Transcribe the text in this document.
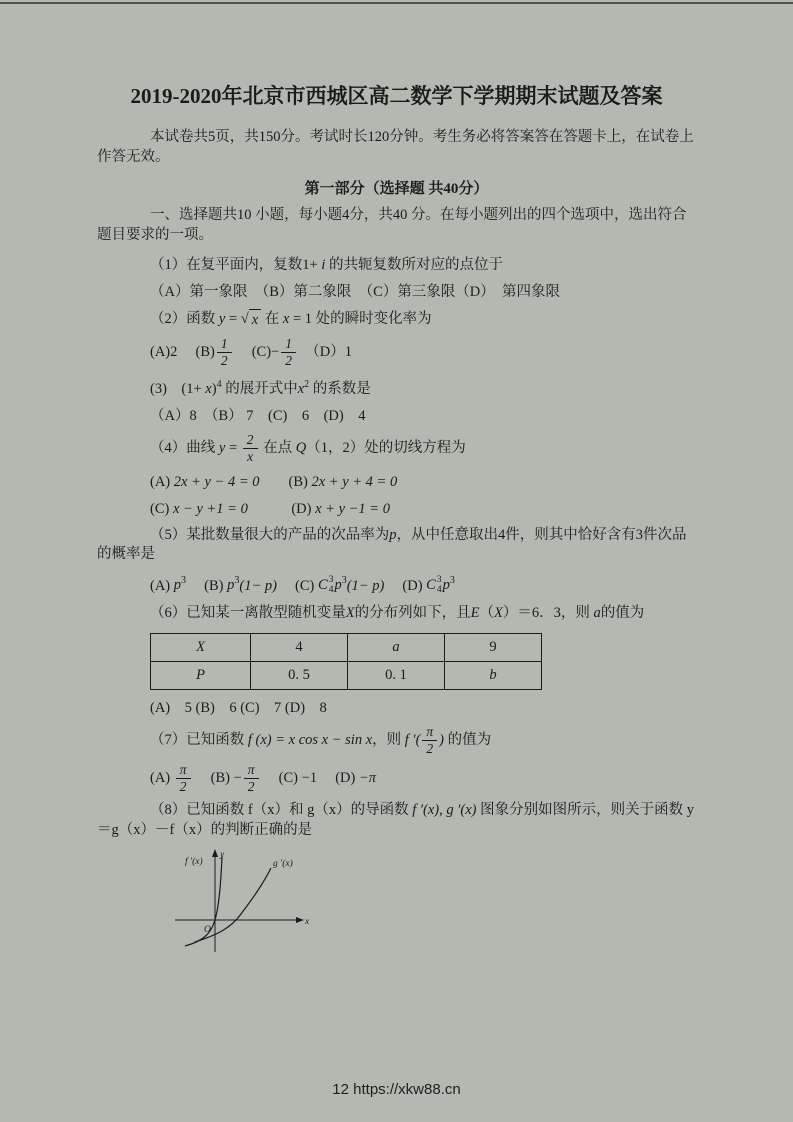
2019-2020年北京市西城区高二数学下学期期末试题及答案

本试卷共5页，共150分。考试时长120分钟。考生务必将答案答在答题卡上，在试卷上作答无效。

第一部分（选择题 共40分）

一、选择题共10 小题，每小题4分，共40 分。在每小题列出的四个选项中，选出符合题目要求的一项。

（1）在复平面内，复数1+ i 的共轭复数所对应的点位于

（A）第一象限　（B）第二象限　（C）第三象限（D）　第四象限

（2）函数 y = √ x 在 x = 1 处的瞬时变化率为

(A)2　 $(B) \frac{1}{2}$ 　 $(C)- \frac{1}{2}$ 　（D）1

(3)　$(1+ x)^4$ 的展开式中$x^2$ 的系数是

（A）8　（B） 7　(C)　6　(D)　4

（4）曲线 $y = \frac{2}{x}$ 在点 Q（1，2）处的切线方程为

(A) 2x + y − 4 = 0　　(B) 2x + y + 4 = 0

(C) x − y +1 = 0　　　(D) x + y −1 = 0

（5）某批数量很大的产品的次品率为p，从中任意取出4件，则其中恰好含有3件次品的概率是

(A) $p^3$　 (B) $p^3(1- p)$　 (C) C 3
4 $p^3(1- p)$　 (D) C 3
4 $p^3$

（6）已知某一离散型随机变量X的分布列如下，且E（X）＝6．3，则 a的值为

X	4	a	9
P	0. 5	0. 1	b

(A)　5 (B)　6 (C)　7 (D)　8

（7）已知函数 f (x) = x cos x − sin x，则 f ′( $\frac{\pi}{2}$ ) 的值为

$(A) \frac{\pi}{2}$ 　 $(B) - \frac{\pi}{2}$ 　 (C) −1　 (D) −π

（8）已知函数 f（x）和 g（x）的导函数 f ′(x), g ′(x) 图象分别如图所示，则关于函数 y＝g（x）－f（x）的判断正确的是

f ′(x)	g ′(x)
O
x
y
12 https://xkw88.cn
